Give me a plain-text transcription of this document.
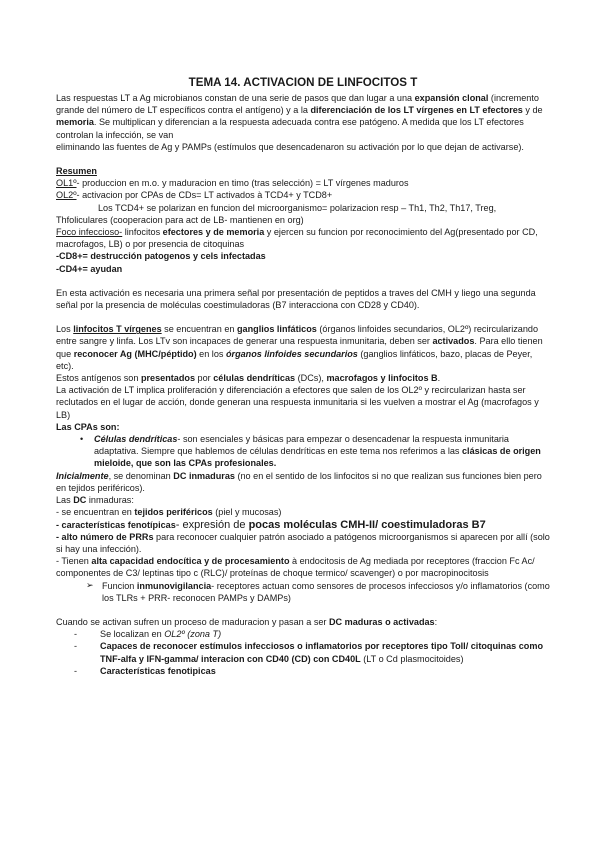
TEMA 14. ACTIVACION DE LINFOCITOS T

Las respuestas LT a Ag microbianos constan de una serie de pasos que dan lugar a una expansión clonal (incremento grande del número de LT específicos contra el antígeno) y a la diferenciación de los LT vírgenes en LT efectores y de memoria. Se multiplican y diferencian a la respuesta adecuada contra ese patógeno. A medida que los LT efectores controlan la infección, se van

eliminando las fuentes de Ag y PAMPs (estímulos que desencadenaron su activación por lo que dejan de activarse).

Resumen

OL1º- produccion en m.o. y maduracion en timo (tras selección) = LT vírgenes maduros

OL2º- activacion por CPAs de CDs= LT activados à TCD4+ y TCD8+

Los TCD4+ se polarizan en funcion del microorganismo= polarizacion resp – Th1, Th2, Th17, Treg,

Thfoliculares (cooperacion para act de LB- mantienen en org)

Foco infeccioso- linfocitos efectores y de memoria y ejercen su funcion por reconocimiento del Ag(presentado por CD, macrofagos, LB) o por presencia de citoquinas

-CD8+= destrucción patogenos y cels infectadas

-CD4+= ayudan

En esta activación es necesaria una primera señal por presentación de peptidos a traves del CMH y liego una segunda señal por la presencia de moléculas coestimuladoras (B7 interacciona con CD28 y CD40).

Los linfocitos T vírgenes se encuentran en ganglios linfáticos (órganos linfoides secundarios, OL2º) recircularizando entre sangre y linfa. Los LTv son incapaces de generar una respuesta inmunitaria, deben ser activados. Para ello tienen que reconocer Ag (MHC/péptido) en los órganos linfoides secundarios (ganglios linfáticos, bazo, placas de Peyer, etc).

Estos antígenos son presentados por células dendríticas (DCs), macrofagos y linfocitos B.

La activación de LT implica proliferación y diferenciación a efectores que salen de los OL2º y recircularizan hasta ser reclutados en el lugar de acción, donde generan una respuesta inmunitaria si les vuelven a mostrar el Ag (macrofagos y LB)

Las CPAs son:

• Células dendríticas- son esenciales y básicas para empezar o desencadenar la respuesta inmunitaria adaptativa. Siempre que hablemos de células dendríticas en este tema nos referimos a las clásicas de origen mieloide, que son las CPAs profesionales.

Inicialmente, se denominan DC inmaduras (no en el sentido de los linfocitos si no que realizan sus funciones bien pero en tejidos periféricos).

Las DC inmaduras:

- se encuentran en tejidos periféricos (piel y mucosas)

- características fenotípicas- expresión de pocas moléculas CMH-II/ coestimuladoras B7

- alto número de PRRs para reconocer cualquier patrón asociado a patógenos microorganismos si aparecen por allí (solo si hay una infección).

- Tienen alta capacidad endocítica y de procesamiento à endocitosis de Ag mediada por receptores (fraccion Fc Ac/ componentes de C3/ leptinas tipo c (RLC)/ proteínas de choque termico/ scavenger) o por macropinocitosis

➢ Funcion inmunovigilancia- receptores actuan como sensores de procesos infecciosos y/o inflamatorios (como los TLRs + PRR- reconocen PAMPs y DAMPs)

Cuando se activan sufren un proceso de maduracion y pasan a ser DC maduras o activadas:

- Se localizan en OL2º (zona T)
- Capaces de reconocer estímulos infecciosos o inflamatorios por receptores tipo Toll/ citoquinas como TNF-alfa y IFN-gamma/ interacion con CD40 (CD) con CD40L (LT o Cd plasmocitoides)
- Características fenotipicas
